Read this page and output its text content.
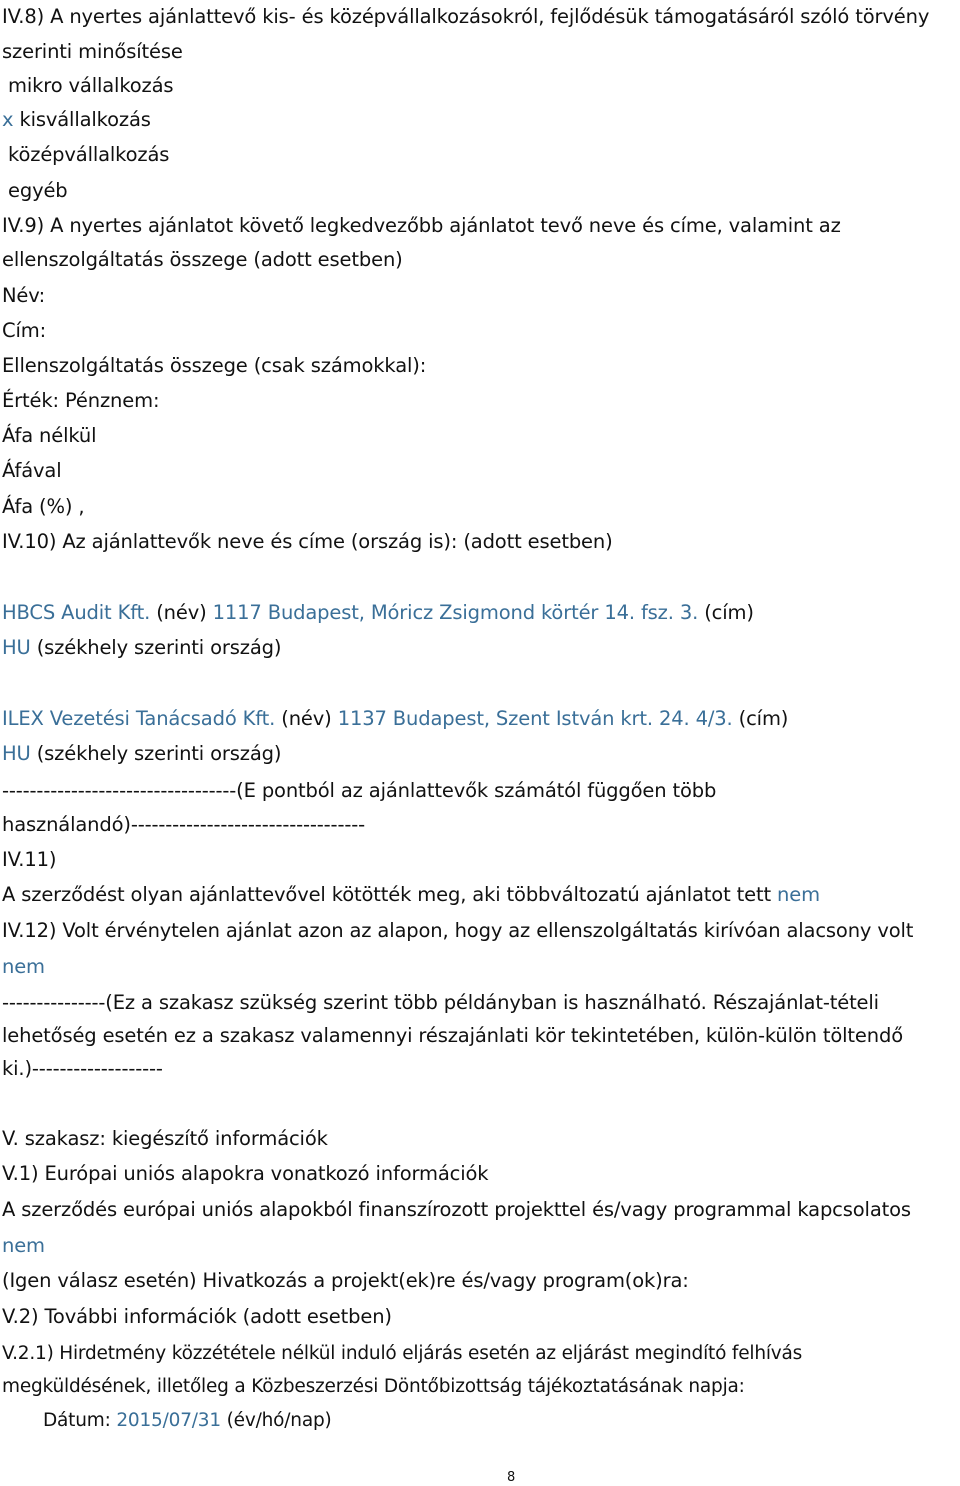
IV.8) A nyertes ajánlattevő kis- és középvállalkozásokról, fejlődésük támogatásáról szóló törvény
szerinti minősítése
mikro vállalkozás
x kisvállalkozás
középvállalkozás
egyéb
IV.9) A nyertes ajánlatot követő legkedvezőbb ajánlatot tevő neve és címe, valamint az
ellenszolgáltatás összege (adott esetben)
Név:
Cím:
Ellenszolgáltatás összege (csak számokkal):
Érték: Pénznem:
Áfa nélkül
Áfával
Áfa (%) ,
IV.10) Az ajánlattevők neve és címe (ország is): (adott esetben)
HBCS Audit Kft. (név) 1117 Budapest, Móricz Zsigmond körtér 14. fsz. 3. (cím)
HU (székhely szerinti ország)
ILEX Vezetési Tanácsadó Kft. (név) 1137 Budapest, Szent István krt. 24. 4/3. (cím)
HU (székhely szerinti ország)
----------------------------------(E pontból az ajánlattevők számától függően több
használandó)----------------------------------
IV.11)
A szerződést olyan ajánlattevővel kötötték meg, aki többváltozatú ajánlatot tett nem
IV.12) Volt érvénytelen ajánlat azon az alapon, hogy az ellenszolgáltatás kirívóan alacsony volt
nem
---------------(Ez a szakasz szükség szerint több példányban is használható. Részajánlat-tételi
lehetőség esetén ez a szakasz valamennyi részajánlati kör tekintetében, külön-külön töltendő
ki.)-------------------
V. szakasz: kiegészítő információk
V.1) Európai uniós alapokra vonatkozó információk
A szerződés európai uniós alapokból finanszírozott projekttel és/vagy programmal kapcsolatos
nem
(Igen válasz esetén) Hivatkozás a projekt(ek)re és/vagy program(ok)ra:
V.2) További információk (adott esetben)
V.2.1) Hirdetmény közzététele nélkül induló eljárás esetén az eljárást megindító felhívás
megküldésének, illetőleg a Közbeszerzési Döntőbizottság tájékoztatásának napja:
Dátum: 2015/07/31 (év/hó/nap)
8
